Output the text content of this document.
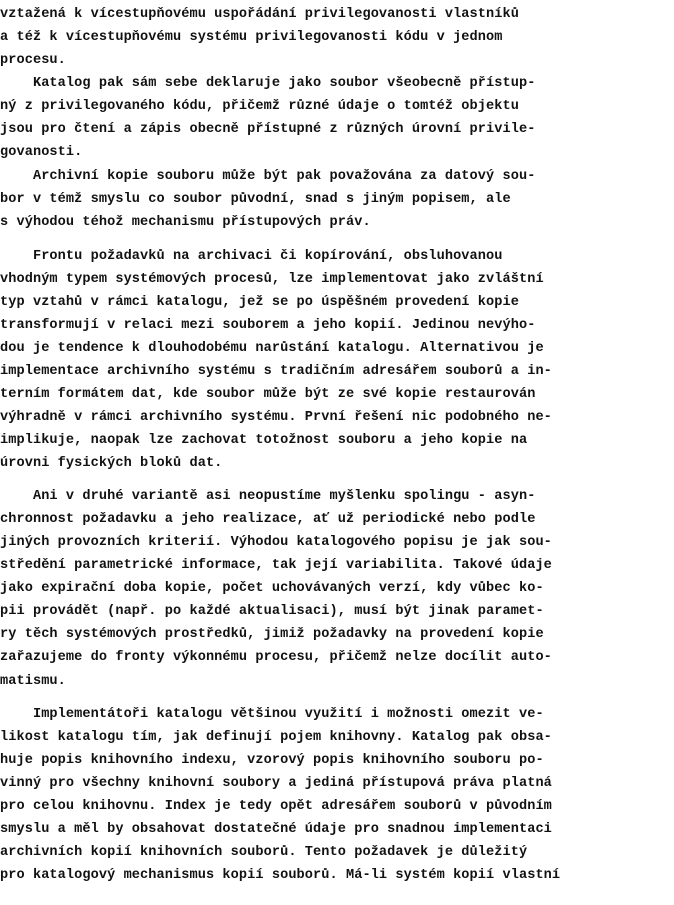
vztažená k vícestupňovému uspořádání privilegovanosti vlastníků
a též k vícestupňovému systému privilegovanosti kódu v jednom
procesu.
Katalog pak sám sebe deklaruje jako soubor všeobecně přístup-
ný z privilegovaného kódu, přičemž různé údaje o tomtéž objektu
jsou pro čtení a zápis obecně přístupné z různých úrovní privile-
govanosti.
Archivní kopie souboru může být pak považována za datový sou-
bor v témž smyslu co soubor původní, snad s jiným popisem, ale
s výhodou téhož mechanismu přístupových práv.
Frontu požadavků na archivaci či kopírování, obsluhovanou
vhodným typem systémových procesů, lze implementovat jako zvláštní
typ vztahů v rámci katalogu, jež se po úspěšném provedení kopie
transformují v relaci mezi souborem a jeho kopií. Jedinou nevýho-
dou je tendence k dlouhodobému narůstání katalogu. Alternativou je
implementace archivního systému s tradičním adresářem souborů a in-
terním formátem dat, kde soubor může být ze své kopie restaurován
výhradně v rámci archivního systému. První řešení nic podobného ne-
implikuje, naopak lze zachovat totožnost souboru a jeho kopie na
úrovni fysických bloků dat.
Ani v druhé variantě asi neopustíme myšlenku spolingu - asyn-
chronnost požadavku a jeho realizace, ať už periodické nebo podle
jiných provozních kriterií. Výhodou katalogového popisu je jak sou-
středění parametrické informace, tak její variabilita. Takové údaje
jako expirační doba kopie, počet uchovávaných verzí, kdy vůbec ko-
pii provádět (např. po každé aktualisaci), musí být jinak paramet-
ry těch systémových prostředků, jimiž požadavky na provedení kopie
zařazujeme do fronty výkonnému procesu, přičemž nelze docílit auto-
matismu.
Implementátoři katalogu většinou využití i možnosti omezit ve-
likost katalogu tím, jak definují pojem knihovny. Katalog pak obsa-
huje popis knihovního indexu, vzorový popis knihovního souboru po-
vinný pro všechny knihovní soubory a jediná přístupová práva platná
pro celou knihovnu. Index je tedy opět adresářem souborů v původním
smyslu a měl by obsahovat dostatečné údaje pro snadnou implementaci
archivních kopií knihovních souborů. Tento požadavek je důležitý
pro katalogový mechanismus kopií souborů. Má-li systém kopií vlastní
